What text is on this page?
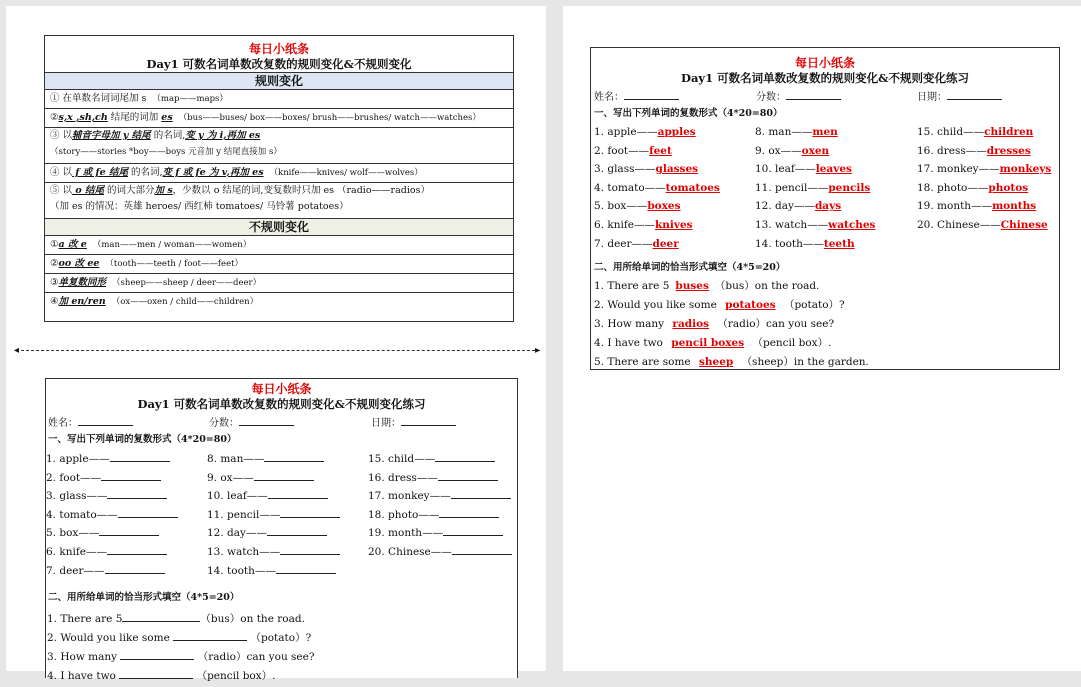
每日小纸条
Day1 可数名词单数改复数的规则变化&不规则变化
规则变化
① 在单数名词词尾加 s （map——maps）
②s,x ,sh,ch 结尾的词加 es （bus——buses/ box——boxes/ brush——brushes/ watch——watches）
③ 以辅音字母加 y 结尾 的名词,变 y 为 i,再加 es
（story——stories *boy——boys 元音加 y 结尾直接加 s）
④ 以 f 或 fe 结尾 的名词,变 f 或 fe 为 v,再加 es （knife——knives/ wolf——wolves）
⑤ 以 o 结尾 的词大部分加 s，少数以 o 结尾的词,变复数时只加 es （radio——radios）
（加 es 的情况：英雄 heroes/ 西红柿 tomatoes/ 马铃薯 potatoes）
不规则变化
①a 改 e （man——men / woman——women）
②oo 改 ee （tooth——teeth / foot——feet）
③单复数同形 （sheep——sheep / deer——deer）
④加 en/ren （ox——oxen / child——children）
◂	▸
每日小纸条
Day1 可数名词单数改复数的规则变化&不规则变化练习
姓名：	分数：	日期：
一、写出下列单词的复数形式（4*20=80）
1. apple——
2. foot——
3. glass——
4. tomato——
5. box——
6. knife——
7. deer——
8. man——
9. ox——
10. leaf——
11. pencil——
12. day——
13. watch——
14. tooth——
15. child——
16. dress——
17. monkey——
18. photo——
19. month——
20. Chinese——
二、用所给单词的恰当形式填空（4*5=20）
1. There are 5	（bus）on the road.
2. Would you like some	（potato）?
3. How many	（radio）can you see?
4. I have two	（pencil box）.
每日小纸条
Day1 可数名词单数改复数的规则变化&不规则变化练习
姓名：	分数：	日期：
一、写出下列单词的复数形式（4*20=80）
1. apple——apples
2. foot——feet
3. glass——glasses
4. tomato——tomatoes
5. box——boxes
6. knife——knives
7. deer——deer
8. man——men
9. ox——oxen
10. leaf——leaves
11. pencil——pencils
12. day——days
13. watch——watches
14. tooth——teeth
15. child——children
16. dress——dresses
17. monkey——monkeys
18. photo——photos
19. month——months
20. Chinese——Chinese
二、用所给单词的恰当形式填空（4*5=20）
1. There are 5 buses （bus）on the road.
2. Would you like some potatoes （potato）?
3. How many radios （radio）can you see?
4. I have two pencil boxes （pencil box）.
5. There are some sheep （sheep）in the garden.
